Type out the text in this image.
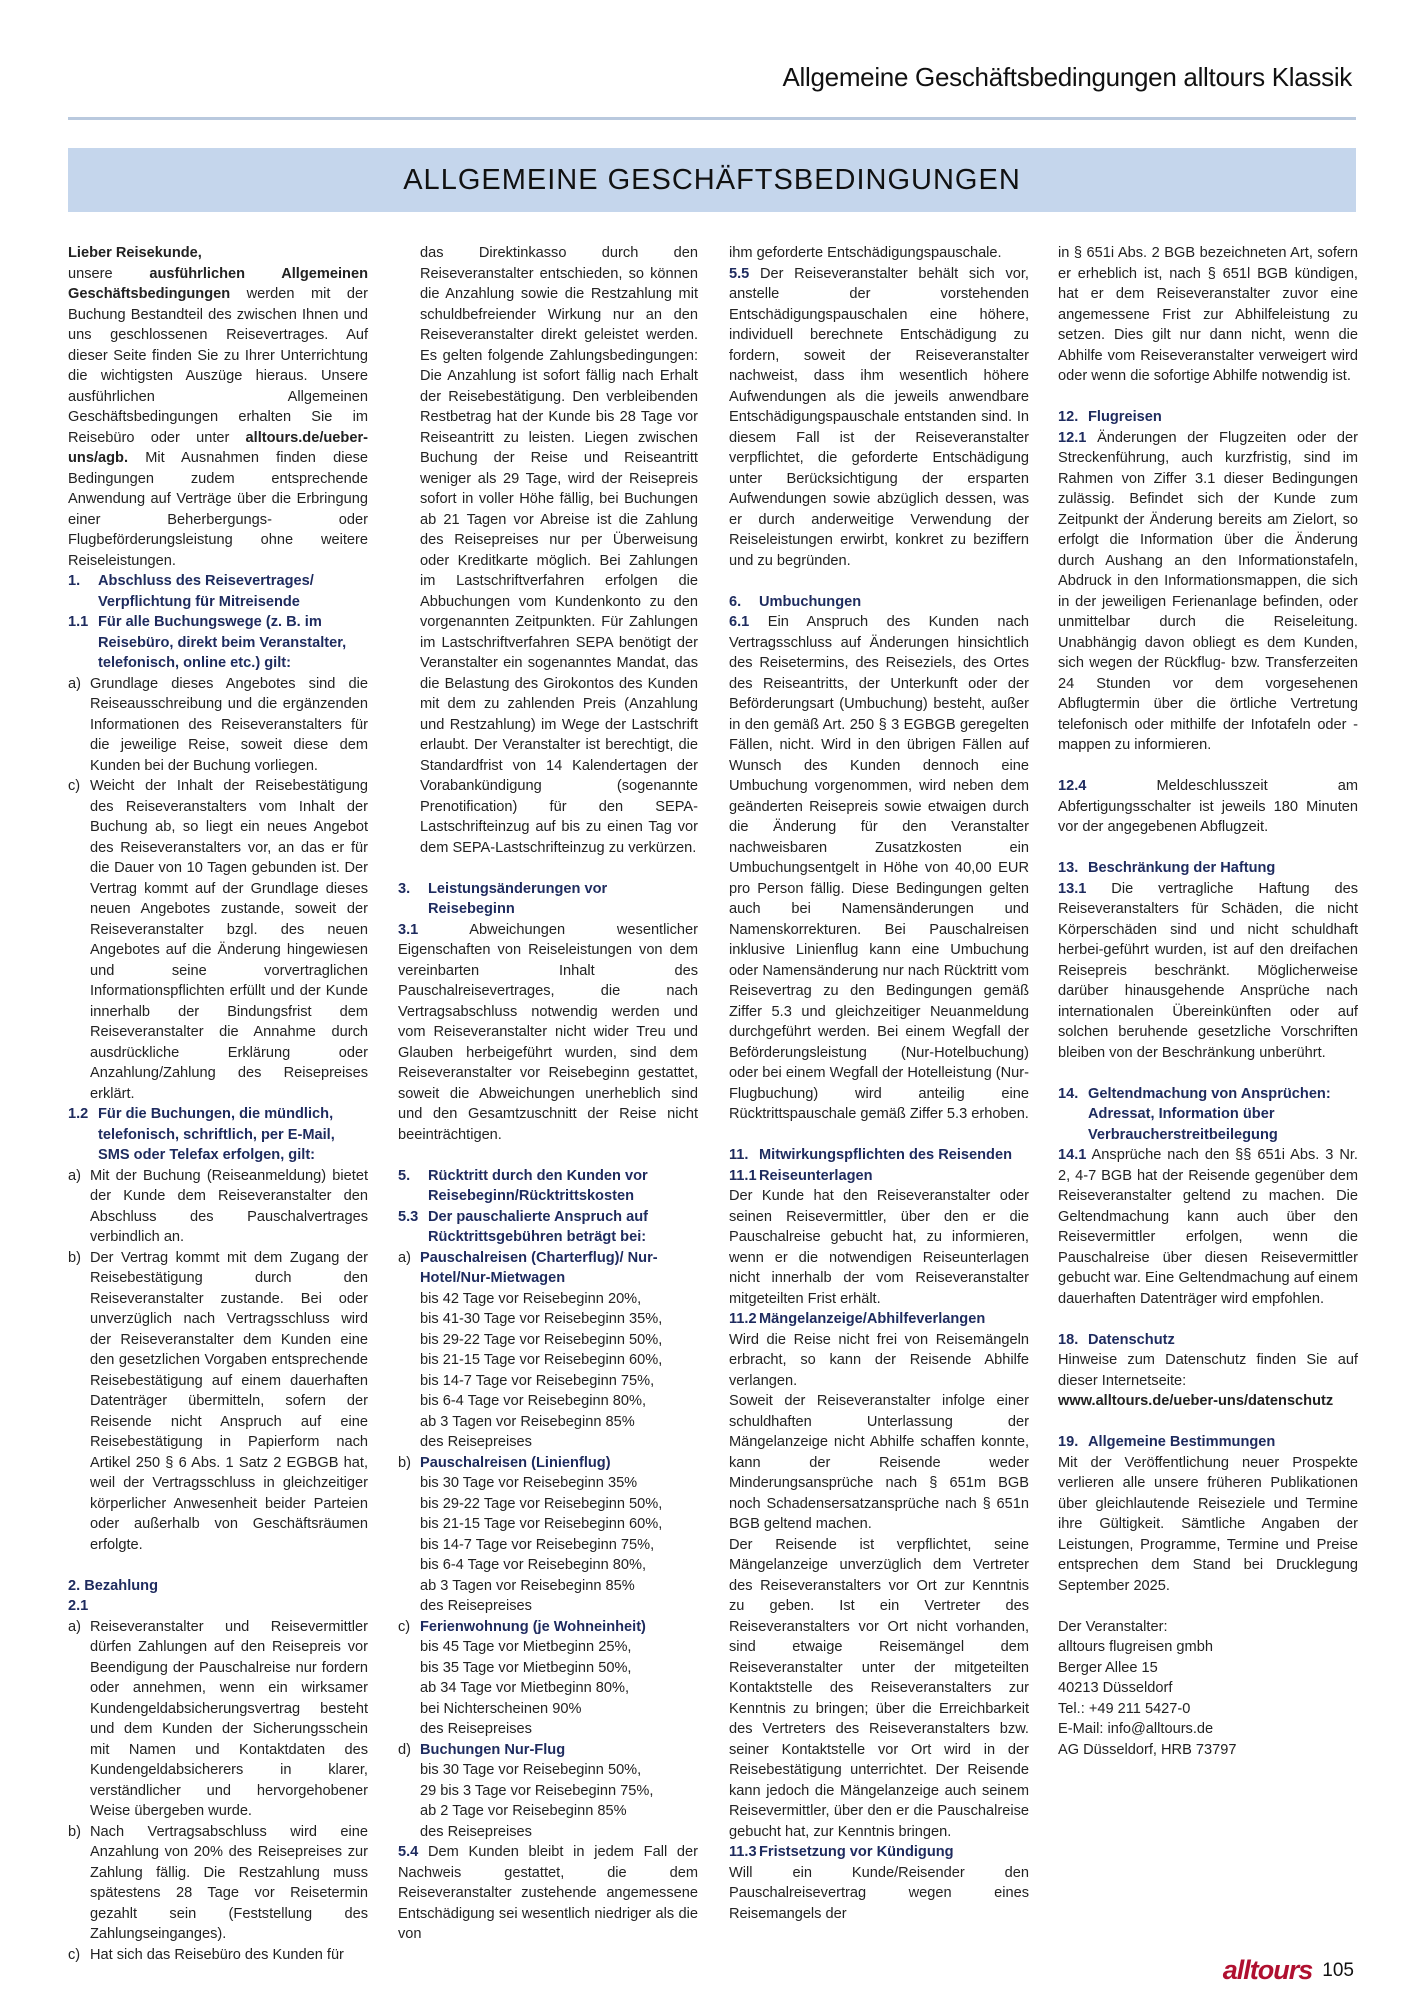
Allgemeine Geschäftsbedingungen alltours Klassik
ALLGEMEINE GESCHÄFTSBEDINGUNGEN
Lieber Reisekunde,
unsere ausführlichen Allgemeinen Geschäftsbedingungen werden mit der Buchung Bestandteil des zwischen Ihnen und uns geschlossenen Reisevertrages. Auf dieser Seite finden Sie zu Ihrer Unterrichtung die wichtigsten Auszüge hieraus. Unsere ausführlichen Allgemeinen Geschäftsbedingungen erhalten Sie im Reisebüro oder unter alltours.de/ueber-uns/agb. Mit Ausnahmen finden diese Bedingungen zudem entsprechende Anwendung auf Verträge über die Erbringung einer Beherbergungs- oder Flugbeförderungsleistung ohne weitere Reiseleistungen.
1.	Abschluss des Reisevertrages/ Verpflichtung für Mitreisende
1.1 Für alle Buchungswege (z. B. im Reisebüro, direkt beim Veranstalter, telefonisch, online etc.) gilt:
a) Grundlage dieses Angebotes sind die Reiseausschreibung und die ergänzenden Informationen des Reiseveranstalters für die jeweilige Reise, soweit diese dem Kunden bei der Buchung vorliegen.
c) Weicht der Inhalt der Reisebestätigung des Reiseveranstalters vom Inhalt der Buchung ab, so liegt ein neues Angebot des Reiseveranstalters vor, an das er für die Dauer von 10 Tagen gebunden ist. Der Vertrag kommt auf der Grundlage dieses neuen Angebotes zustande, soweit der Reiseveranstalter bzgl. des neuen Angebotes auf die Änderung hingewiesen und seine vorvertraglichen Informationspflichten erfüllt und der Kunde innerhalb der Bindungsfrist dem Reiseveranstalter die Annahme durch ausdrückliche Erklärung oder Anzahlung/Zahlung des Reisepreises erklärt.
1.2 Für die Buchungen, die mündlich, telefonisch, schriftlich, per E-Mail, SMS oder Telefax erfolgen, gilt:
a) Mit der Buchung (Reiseanmeldung) bietet der Kunde dem Reiseveranstalter den Abschluss des Pauschalvertrages verbindlich an.
b) Der Vertrag kommt mit dem Zugang der Reisebestätigung durch den Reiseveranstalter zustande. Bei oder unverzüglich nach Vertragsschluss wird der Reiseveranstalter dem Kunden eine den gesetzlichen Vorgaben entsprechende Reisebestätigung auf einem dauerhaften Datenträger übermitteln, sofern der Reisende nicht Anspruch auf eine Reisebestätigung in Papierform nach Artikel 250 § 6 Abs. 1 Satz 2 EGBGB hat, weil der Vertragsschluss in gleichzeitiger körperlicher Anwesenheit beider Parteien oder außerhalb von Geschäftsräumen erfolgte.
2. Bezahlung
2.1
a) Reiseveranstalter und Reisevermittler dürfen Zahlungen auf den Reisepreis vor Beendigung der Pauschalreise nur fordern oder annehmen, wenn ein wirksamer Kundengeldabsicherungsvertrag besteht und dem Kunden der Sicherungsschein mit Namen und Kontaktdaten des Kundengeldabsicherers in klarer, verständlicher und hervorgehobener Weise übergeben wurde.
b) Nach Vertragsabschluss wird eine Anzahlung von 20% des Reisepreises zur Zahlung fällig. Die Restzahlung muss spätestens 28 Tage vor Reisetermin gezahlt sein (Feststellung des Zahlungseinganges).
c) Hat sich das Reisebüro des Kunden für
das Direktinkasso durch den Reiseveranstalter entschieden, so können die Anzahlung sowie die Restzahlung mit schuldbefreiender Wirkung nur an den Reiseveranstalter direkt geleistet werden. Es gelten folgende Zahlungsbedingungen: Die Anzahlung ist sofort fällig nach Erhalt der Reisebestätigung. Den verbleibenden Restbetrag hat der Kunde bis 28 Tage vor Reiseantritt zu leisten. Liegen zwischen Buchung der Reise und Reiseantritt weniger als 29 Tage, wird der Reisepreis sofort in voller Höhe fällig, bei Buchungen ab 21 Tagen vor Abreise ist die Zahlung des Reisepreises nur per Überweisung oder Kreditkarte möglich. Bei Zahlungen im Lastschriftverfahren erfolgen die Abbuchungen vom Kundenkonto zu den vorgenannten Zeitpunkten. Für Zahlungen im Lastschriftverfahren SEPA benötigt der Veranstalter ein sogenanntes Mandat, das die Belastung des Girokontos des Kunden mit dem zu zahlenden Preis (Anzahlung und Restzahlung) im Wege der Lastschrift erlaubt. Der Veranstalter ist berechtigt, die Standardfrist von 14 Kalendertagen der Vorabankündigung (sogenannte Prenotification) für den SEPA-Lastschrifteinzug auf bis zu einen Tag vor dem SEPA-Lastschrifteinzug zu verkürzen.
3.	Leistungsänderungen vor Reisebeginn
3.1 Abweichungen wesentlicher Eigenschaften von Reiseleistungen von dem vereinbarten Inhalt des Pauschalreisevertrages, die nach Vertragsabschluss notwendig werden und vom Reiseveranstalter nicht wider Treu und Glauben herbeigeführt wurden, sind dem Reiseveranstalter vor Reisebeginn gestattet, soweit die Abweichungen unerheblich sind und den Gesamtzuschnitt der Reise nicht beeinträchtigen.
5.	Rücktritt durch den Kunden vor Reisebeginn/Rücktrittskosten
5.3 Der pauschalierte Anspruch auf Rücktrittsgebühren beträgt bei:
a) Pauschalreisen (Charterflug)/ Nur-Hotel/Nur-Mietwagen
bis 42 Tage vor Reisebeginn 20%,
bis 41-30 Tage vor Reisebeginn 35%,
bis 29-22 Tage vor Reisebeginn 50%,
bis 21-15 Tage vor Reisebeginn 60%,
bis 14-7 Tage vor Reisebeginn 75%,
bis 6-4 Tage vor Reisebeginn 80%,
ab 3 Tagen vor Reisebeginn 85%
des Reisepreises
b) Pauschalreisen (Linienflug)
bis 30 Tage vor Reisebeginn 35%
bis 29-22 Tage vor Reisebeginn 50%,
bis 21-15 Tage vor Reisebeginn 60%,
bis 14-7 Tage vor Reisebeginn 75%,
bis 6-4 Tage vor Reisebeginn 80%,
ab 3 Tagen vor Reisebeginn 85%
des Reisepreises
c) Ferienwohnung (je Wohneinheit)
bis 45 Tage vor Mietbeginn 25%,
bis 35 Tage vor Mietbeginn 50%,
ab 34 Tage vor Mietbeginn 80%,
bei Nichterscheinen 90%
des Reisepreises
d) Buchungen Nur-Flug
bis 30 Tage vor Reisebeginn 50%,
29 bis 3 Tage vor Reisebeginn 75%,
ab 2 Tage vor Reisebeginn 85%
des Reisepreises
5.4 Dem Kunden bleibt in jedem Fall der Nachweis gestattet, die dem Reiseveranstalter zustehende angemessene Entschädigung sei wesentlich niedriger als die von
ihm geforderte Entschädigungspauschale.
5.5 Der Reiseveranstalter behält sich vor, anstelle der vorstehenden Entschädigungspauschalen eine höhere, individuell berechnete Entschädigung zu fordern, soweit der Reiseveranstalter nachweist, dass ihm wesentlich höhere Aufwendungen als die jeweils anwendbare Entschädigungspauschale entstanden sind. In diesem Fall ist der Reiseveranstalter verpflichtet, die geforderte Entschädigung unter Berücksichtigung der ersparten Aufwendungen sowie abzüglich dessen, was er durch anderweitige Verwendung der Reiseleistungen erwirbt, konkret zu beziffern und zu begründen.
6.	Umbuchungen
6.1 Ein Anspruch des Kunden nach Vertragsschluss auf Änderungen hinsichtlich des Reisetermins, des Reiseziels, des Ortes des Reiseantritts, der Unterkunft oder der Beförderungsart (Umbuchung) besteht, außer in den gemäß Art. 250 § 3 EGBGB geregelten Fällen, nicht. Wird in den übrigen Fällen auf Wunsch des Kunden dennoch eine Umbuchung vorgenommen, wird neben dem geänderten Reisepreis sowie etwaigen durch die Änderung für den Veranstalter nachweisbaren Zusatzkosten ein Umbuchungsentgelt in Höhe von 40,00 EUR pro Person fällig. Diese Bedingungen gelten auch bei Namensänderungen und Namenskorrekturen. Bei Pauschalreisen inklusive Linienflug kann eine Umbuchung oder Namensänderung nur nach Rücktritt vom Reisevertrag zu den Bedingungen gemäß Ziffer 5.3 und gleichzeitiger Neuanmeldung durchgeführt werden. Bei einem Wegfall der Beförderungsleistung (Nur-Hotelbuchung) oder bei einem Wegfall der Hotelleistung (Nur-Flugbuchung) wird anteilig eine Rücktrittspauschale gemäß Ziffer 5.3 erhoben.
11. Mitwirkungspflichten des Reisenden
11.1 Reiseunterlagen
Der Kunde hat den Reiseveranstalter oder seinen Reisevermittler, über den er die Pauschalreise gebucht hat, zu informieren, wenn er die notwendigen Reiseunterlagen nicht innerhalb der vom Reiseveranstalter mitgeteilten Frist erhält.
11.2 Mängelanzeige/Abhilfeverlangen
Wird die Reise nicht frei von Reisemängeln erbracht, so kann der Reisende Abhilfe verlangen.
Soweit der Reiseveranstalter infolge einer schuldhaften Unterlassung der Mängelanzeige nicht Abhilfe schaffen konnte, kann der Reisende weder Minderungsansprüche nach § 651m BGB noch Schadensersatzansprüche nach § 651n BGB geltend machen.
Der Reisende ist verpflichtet, seine Mängelanzeige unverzüglich dem Vertreter des Reiseveranstalters vor Ort zur Kenntnis zu geben. Ist ein Vertreter des Reiseveranstalters vor Ort nicht vorhanden, sind etwaige Reisemängel dem Reiseveranstalter unter der mitgeteilten Kontaktstelle des Reiseveranstalters zur Kenntnis zu bringen; über die Erreichbarkeit des Vertreters des Reiseveranstalters bzw. seiner Kontaktstelle vor Ort wird in der Reisebestätigung unterrichtet. Der Reisende kann jedoch die Mängelanzeige auch seinem Reisevermittler, über den er die Pauschalreise gebucht hat, zur Kenntnis bringen.
11.3 Fristsetzung vor Kündigung
Will ein Kunde/Reisender den Pauschalreisevertrag wegen eines Reisemangels der
in § 651i Abs. 2 BGB bezeichneten Art, sofern er erheblich ist, nach § 651l BGB kündigen, hat er dem Reiseveranstalter zuvor eine angemessene Frist zur Abhilfeleistung zu setzen. Dies gilt nur dann nicht, wenn die Abhilfe vom Reiseveranstalter verweigert wird oder wenn die sofortige Abhilfe notwendig ist.
12. Flugreisen
12.1 Änderungen der Flugzeiten oder der Streckenführung, auch kurzfristig, sind im Rahmen von Ziffer 3.1 dieser Bedingungen zulässig. Befindet sich der Kunde zum Zeitpunkt der Änderung bereits am Zielort, so erfolgt die Information über die Änderung durch Aushang an den Informationstafeln, Abdruck in den Informationsmappen, die sich in der jeweiligen Ferienanlage befinden, oder unmittelbar durch die Reiseleitung. Unabhängig davon obliegt es dem Kunden, sich wegen der Rückflug- bzw. Transferzeiten 24 Stunden vor dem vorgesehenen Abflugtermin über die örtliche Vertretung telefonisch oder mithilfe der Infotafeln oder -mappen zu informieren.
12.4 Meldeschlusszeit am Abfertigungsschalter ist jeweils 180 Minuten vor der angegebenen Abflugzeit.
13. Beschränkung der Haftung
13.1 Die vertragliche Haftung des Reiseveranstalters für Schäden, die nicht Körperschäden sind und nicht schuldhaft herbei-geführt wurden, ist auf den dreifachen Reisepreis beschränkt. Möglicherweise darüber hinausgehende Ansprüche nach internationalen Übereinkünften oder auf solchen beruhende gesetzliche Vorschriften bleiben von der Beschränkung unberührt.
14. Geltendmachung von Ansprüchen: Adressat, Information über Verbraucherstreitbeilegung
14.1 Ansprüche nach den §§ 651i Abs. 3 Nr. 2, 4-7 BGB hat der Reisende gegenüber dem Reiseveranstalter geltend zu machen. Die Geltendmachung kann auch über den Reisevermittler erfolgen, wenn die Pauschalreise über diesen Reisevermittler gebucht war. Eine Geltendmachung auf einem dauerhaften Datenträger wird empfohlen.
18. Datenschutz
Hinweise zum Datenschutz finden Sie auf dieser Internetseite:
www.alltours.de/ueber-uns/datenschutz
19. Allgemeine Bestimmungen
Mit der Veröffentlichung neuer Prospekte verlieren alle unsere früheren Publikationen über gleichlautende Reiseziele und Termine ihre Gültigkeit. Sämtliche Angaben der Leistungen, Programme, Termine und Preise entsprechen dem Stand bei Drucklegung September 2025.
Der Veranstalter:
alltours flugreisen gmbh
Berger Allee 15
40213 Düsseldorf
Tel.: +49 211 5427-0
E-Mail: info@alltours.de
AG Düsseldorf, HRB 73797
alltours 105
